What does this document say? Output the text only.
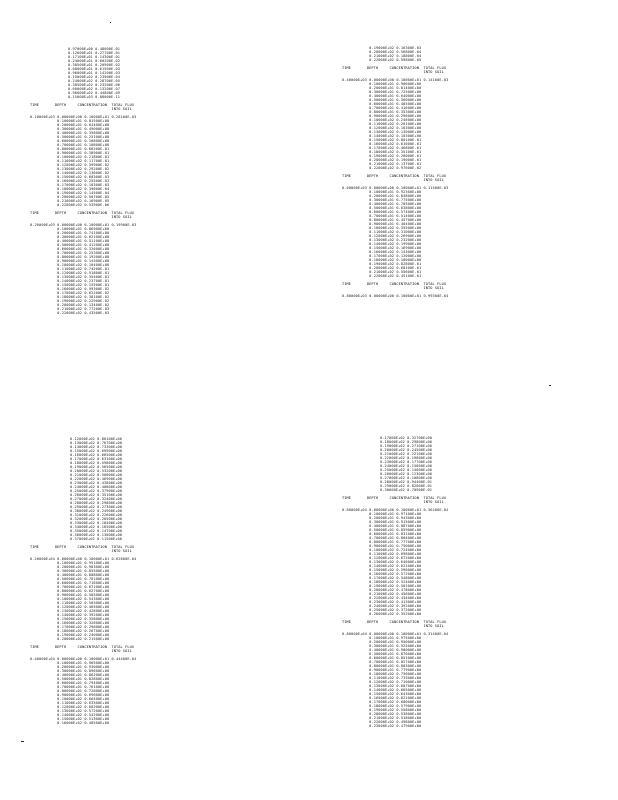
0.97000E+00 0.48000E-01
0.12600E+01 0.27700E-01
0.17100E+01 0.14300E-01
0.24000E+01 0.60200E-02
0.38500E+01 0.20900E-02
0.60000E+01 0.61500E-03
0.96000E+01 0.14200E-03
0.15000E+02 0.23900E-04
0.24000E+02 0.28700E-05
0.38500E+02 0.23200E-06
0.60000E+02 0.13200E-07
0.96000E+02 0.44800E-09
0.15000E+03 0.88000E-11
TIME       DEPTH     CONCENTRATION  TOTAL FLUX
INTO SOIL
0.10000E+03 0.00000E+00 0.10000E+01 0.28100E-03
0.10000E+01 0.81500E+00
0.20000E+01 0.64400E+00
0.30000E+01 0.49000E+00
0.40000E+01 0.35800E+00
0.50000E+01 0.25100E+00
0.60000E+01 0.16800E+00
0.70000E+01 0.10800E+00
0.80000E+01 0.66200E-01
0.90000E+01 0.38900E-01
0.10000E+02 0.21800E-01
0.11000E+02 0.11700E-01
0.12000E+02 0.59900E-02
0.13000E+02 0.29200E-02
0.14000E+02 0.13600E-02
0.15000E+02 0.60300E-03
0.16000E+02 0.25500E-03
0.17000E+02 0.10300E-03
0.18000E+02 0.39600E-04
0.19000E+02 0.14500E-04
0.20000E+02 0.50700E-05
0.21000E+02 0.16900E-05
0.22000E+02 0.53900E-06
TIME       DEPTH     CONCENTRATION  TOTAL FLUX
INTO SOIL
0.20000E+03 0.00000E+00 0.10000E+01 0.19900E-03
0.10000E+01 0.86900E+00
0.20000E+01 0.74100E+00
0.30000E+01 0.62100E+00
0.40000E+01 0.51100E+00
0.50000E+01 0.41200E+00
0.60000E+01 0.32600E+00
0.70000E+01 0.25300E+00
0.80000E+01 0.19200E+00
0.90000E+01 0.14300E+00
0.10000E+02 0.10400E+00
0.11000E+02 0.74200E-01
0.12000E+02 0.51800E-01
0.13000E+02 0.35400E-01
0.14000E+02 0.23700E-01
0.15000E+02 0.15500E-01
0.16000E+02 0.99300E-02
0.17000E+02 0.62200E-02
0.18000E+02 0.38100E-02
0.19000E+02 0.22900E-02
0.20000E+02 0.13400E-02
0.21000E+02 0.77200E-03
0.22000E+02 0.43500E-03
0.19000E+02 0.16300E-03
0.20000E+02 0.56800E-04
0.21000E+02 0.18800E-04
0.22000E+02 0.59800E-05
TIME       DEPTH     CONCENTRATION  TOTAL FLUX
INTO SOIL
0.40000E+03 0.00000E+00 0.10000E+01 0.14100E-03
0.10000E+01 0.90600E+00
0.20000E+01 0.81400E+00
0.30000E+01 0.72500E+00
0.40000E+01 0.64000E+00
0.50000E+01 0.56000E+00
0.60000E+01 0.48500E+00
0.70000E+01 0.41600E+00
0.80000E+01 0.35300E+00
0.90000E+01 0.29600E+00
0.10000E+02 0.24600E+00
0.11000E+02 0.20100E+00
0.12000E+02 0.16300E+00
0.13000E+02 0.13000E+00
0.14000E+02 0.10300E+00
0.15000E+02 0.80100E-01
0.16000E+02 0.61600E-01
0.17000E+02 0.46800E-01
0.18000E+02 0.35100E-01
0.19000E+02 0.26000E-01
0.20000E+02 0.19000E-01
0.21000E+02 0.13700E-01
0.22000E+02 0.97600E-02
TIME       DEPTH     CONCENTRATION  TOTAL FLUX
INTO SOIL
0.60000E+03 0.00000E+00 0.10000E+01 0.11500E-03
0.10000E+01 0.92300E+00
0.20000E+01 0.84800E+00
0.30000E+01 0.77500E+00
0.40000E+01 0.70500E+00
0.50000E+01 0.63800E+00
0.60000E+01 0.57400E+00
0.70000E+01 0.51400E+00
0.80000E+01 0.45700E+00
0.90000E+01 0.40400E+00
0.10000E+02 0.35500E+00
0.11000E+02 0.31000E+00
0.12000E+02 0.26900E+00
0.13000E+02 0.23200E+00
0.14000E+02 0.19900E+00
0.15000E+02 0.16900E+00
0.16000E+02 0.14300E+00
0.17000E+02 0.12000E+00
0.18000E+02 0.10000E+00
0.19000E+02 0.82800E-01
0.20000E+02 0.68100E-01
0.21000E+02 0.55600E-01
0.22000E+02 0.45100E-01
TIME       DEPTH     CONCENTRATION  TOTAL FLUX
INTO SOIL
0.80000E+03 0.00000E+00 0.10000E+01 0.99300E-04
0.12000E+02 0.80100E+00
0.13000E+02 0.76700E+00
0.14000E+02 0.73300E+00
0.15000E+02 0.69900E+00
0.16000E+02 0.66500E+00
0.17000E+02 0.63100E+00
0.18000E+02 0.59800E+00
0.19000E+02 0.56500E+00
0.20000E+02 0.53200E+00
0.21000E+02 0.50000E+00
0.22000E+02 0.46900E+00
0.23000E+02 0.43800E+00
0.24000E+02 0.40800E+00
0.25000E+02 0.37900E+00
0.26000E+02 0.35100E+00
0.27000E+02 0.32400E+00
0.28000E+02 0.29800E+00
0.29000E+02 0.27300E+00
0.30000E+02 0.24900E+00
0.31000E+02 0.22600E+00
0.32000E+02 0.20500E+00
0.33000E+02 0.18400E+00
0.34000E+02 0.16500E+00
0.35000E+02 0.14700E+00
0.36000E+02 0.13000E+00
0.37000E+02 0.11500E+00
TIME       DEPTH     CONCENTRATION  TOTAL FLUX
INTO SOIL
0.20000E+04 0.00000E+00 0.10000E+01 0.62800E-04
0.10000E+01 0.95100E+00
0.20000E+01 0.90300E+00
0.30000E+01 0.85500E+00
0.40000E+01 0.80800E+00
0.50000E+01 0.76100E+00
0.60000E+01 0.71600E+00
0.70000E+01 0.67100E+00
0.80000E+01 0.62700E+00
0.90000E+01 0.58500E+00
0.10000E+02 0.54300E+00
0.11000E+02 0.50300E+00
0.12000E+02 0.46500E+00
0.13000E+02 0.42800E+00
0.14000E+02 0.39200E+00
0.15000E+02 0.35800E+00
0.16000E+02 0.32600E+00
0.17000E+02 0.29600E+00
0.18000E+02 0.26700E+00
0.19000E+02 0.24000E+00
0.20000E+02 0.21500E+00
TIME       DEPTH     CONCENTRATION  TOTAL FLUX
INTO SOIL
0.40000E+04 0.00000E+00 0.10000E+01 0.44400E-04
0.10000E+01 0.96500E+00
0.20000E+01 0.93000E+00
0.30000E+01 0.89600E+00
0.40000E+01 0.86200E+00
0.50000E+01 0.82800E+00
0.60000E+01 0.79400E+00
0.70000E+01 0.76100E+00
0.80000E+01 0.72800E+00
0.90000E+01 0.69600E+00
0.10000E+02 0.66400E+00
0.11000E+02 0.63300E+00
0.12000E+02 0.60200E+00
0.13000E+02 0.57200E+00
0.14000E+02 0.54200E+00
0.15000E+02 0.51300E+00
0.16000E+02 0.48500E+00
0.17000E+02 0.32700E+00
0.18000E+02 0.29800E+00
0.19000E+02 0.27100E+00
0.20000E+02 0.24500E+00
0.21000E+02 0.22100E+00
0.22000E+02 0.19800E+00
0.23000E+02 0.17700E+00
0.24000E+02 0.15800E+00
0.25000E+02 0.14000E+00
0.26000E+02 0.12300E+00
0.27000E+02 0.10800E+00
0.28000E+02 0.94400E-01
0.29000E+02 0.82000E-01
0.30000E+02 0.70900E-01
TIME       DEPTH     CONCENTRATION  TOTAL FLUX
INTO SOIL
0.60000E+04 0.00000E+00 0.10000E+01 0.36200E-04
0.10000E+01 0.97100E+00
0.20000E+01 0.94300E+00
0.30000E+01 0.91500E+00
0.40000E+01 0.88700E+00
0.50000E+01 0.85900E+00
0.60000E+01 0.83100E+00
0.70000E+01 0.80400E+00
0.80000E+01 0.77700E+00
0.90000E+01 0.75000E+00
0.10000E+02 0.72400E+00
0.11000E+02 0.69800E+00
0.12000E+02 0.67200E+00
0.13000E+02 0.64600E+00
0.14000E+02 0.62100E+00
0.15000E+02 0.59600E+00
0.16000E+02 0.57200E+00
0.17000E+02 0.54800E+00
0.18000E+02 0.52400E+00
0.19000E+02 0.50100E+00
0.20000E+02 0.47800E+00
0.21000E+02 0.45600E+00
0.22000E+02 0.43400E+00
0.23000E+02 0.41300E+00
0.24000E+02 0.39200E+00
0.25000E+02 0.37200E+00
0.26000E+02 0.35200E+00
TIME       DEPTH     CONCENTRATION  TOTAL FLUX
INTO SOIL
0.80000E+04 0.00000E+00 0.10000E+01 0.31400E-04
0.10000E+01 0.97500E+00
0.20000E+01 0.95000E+00
0.30000E+01 0.92500E+00
0.40000E+01 0.90000E+00
0.50000E+01 0.87600E+00
0.60000E+01 0.85100E+00
0.70000E+01 0.82700E+00
0.80000E+01 0.80300E+00
0.90000E+01 0.77900E+00
0.10000E+02 0.75600E+00
0.11000E+02 0.73300E+00
0.12000E+02 0.71000E+00
0.13000E+02 0.68700E+00
0.14000E+02 0.66500E+00
0.15000E+02 0.64300E+00
0.16000E+02 0.62100E+00
0.17000E+02 0.60000E+00
0.18000E+02 0.57900E+00
0.19000E+02 0.55800E+00
0.20000E+02 0.53800E+00
0.21000E+02 0.51800E+00
0.22000E+02 0.49800E+00
0.23000E+02 0.47900E+00
